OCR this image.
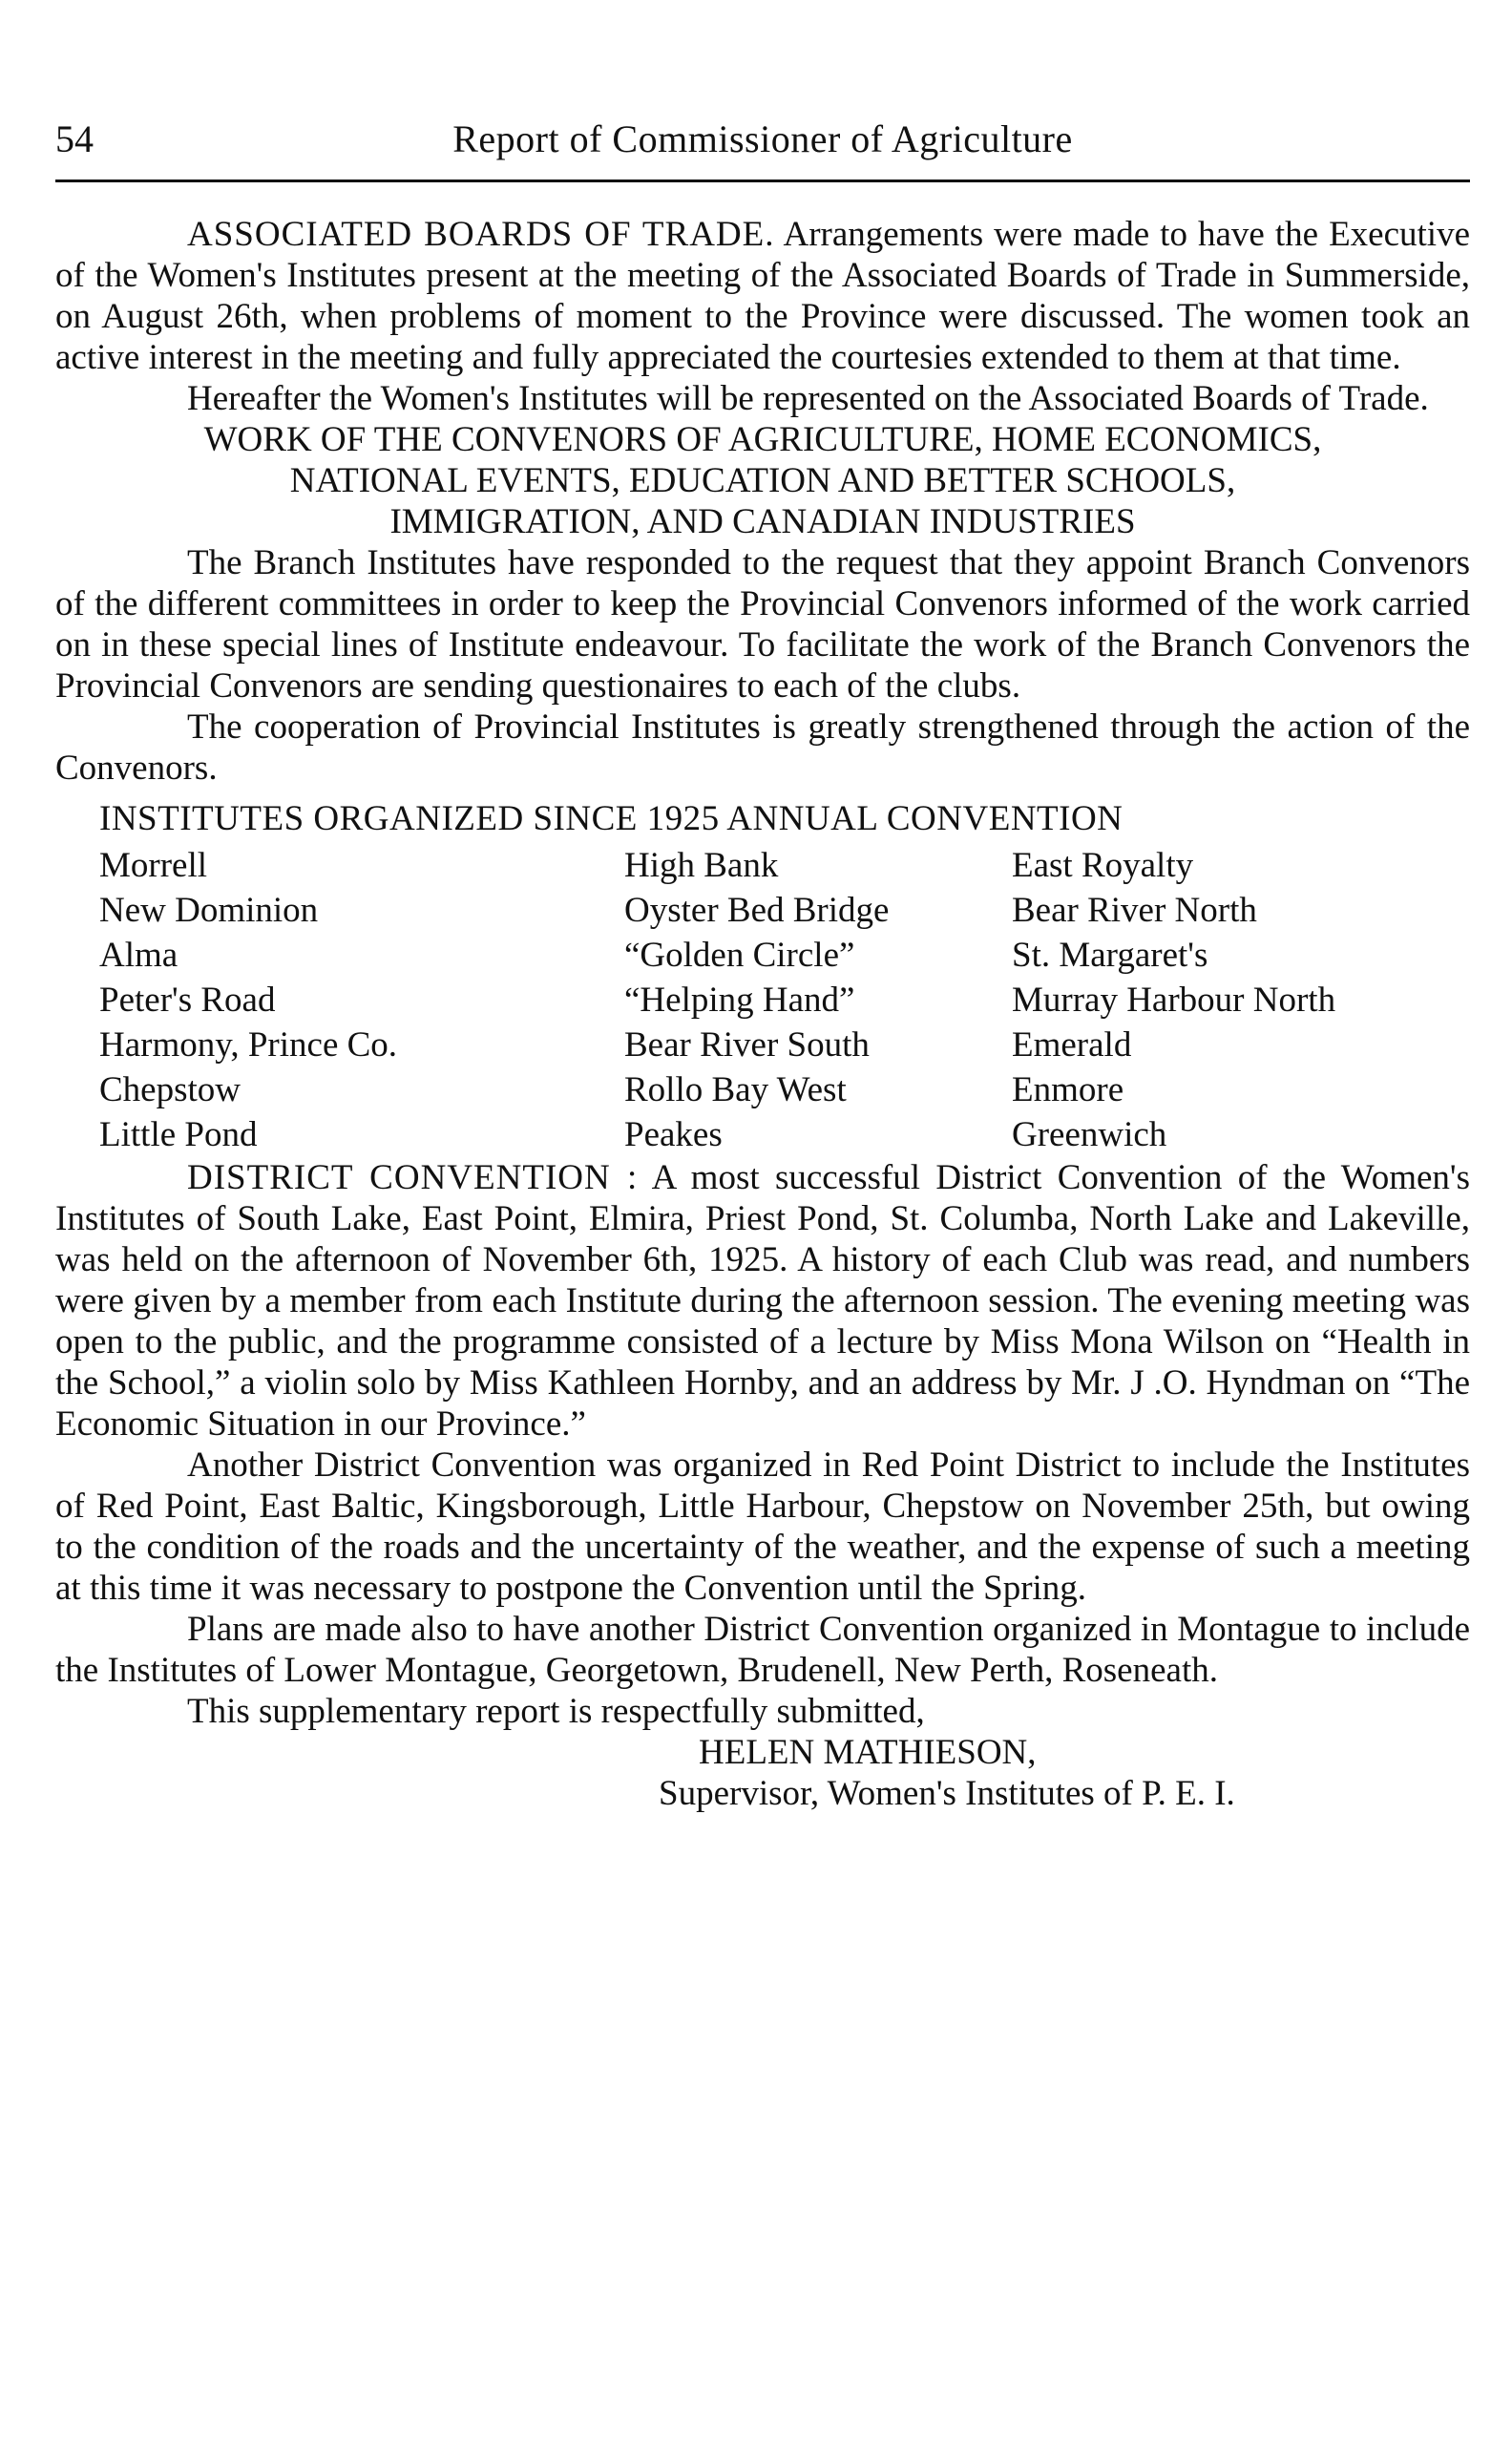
54	Report of Commissioner of Agriculture

ASSOCIATED BOARDS OF TRADE. Arrangements were made to have the Executive of the Women's Institutes present at the meeting of the Associated Boards of Trade in Summerside, on August 26th, when problems of moment to the Province were discussed. The women took an active interest in the meeting and fully appreciated the courtesies extended to them at that time.

Hereafter the Women's Institutes will be represented on the Associated Boards of Trade.

WORK OF THE CONVENORS OF AGRICULTURE, HOME ECONOMICS,
NATIONAL EVENTS, EDUCATION AND BETTER SCHOOLS,
IMMIGRATION, AND CANADIAN INDUSTRIES

The Branch Institutes have responded to the request that they appoint Branch Convenors of the different committees in order to keep the Provincial Convenors informed of the work carried on in these special lines of Institute endeavour. To facilitate the work of the Branch Convenors the Provincial Convenors are sending questionaires to each of the clubs.

The cooperation of Provincial Institutes is greatly strengthened through the action of the Convenors.

INSTITUTES ORGANIZED SINCE 1925 ANNUAL CONVENTION
Morrell	High Bank	East Royalty
New Dominion	Oyster Bed Bridge	Bear River North
Alma	“Golden Circle”	St. Margaret's
Peter's Road	“Helping Hand”	Murray Harbour North
Harmony, Prince Co.	Bear River South	Emerald
Chepstow	Rollo Bay West	Enmore
Little Pond	Peakes	Greenwich

DISTRICT CONVENTION : A most successful District Convention of the Women's Institutes of South Lake, East Point, Elmira, Priest Pond, St. Columba, North Lake and Lakeville, was held on the afternoon of November 6th, 1925. A history of each Club was read, and numbers were given by a member from each Institute during the afternoon session. The evening meeting was open to the public, and the programme consisted of a lecture by Miss Mona Wilson on “Health in the School,” a violin solo by Miss Kathleen Hornby, and an address by Mr. J .O. Hyndman on “The Economic Situation in our Province.”

Another District Convention was organized in Red Point District to include the Institutes of Red Point, East Baltic, Kingsborough, Little Harbour, Chepstow on November 25th, but owing to the condition of the roads and the uncertainty of the weather, and the expense of such a meeting at this time it was necessary to postpone the Convention until the Spring.

Plans are made also to have another District Convention organized in Montague to include the Institutes of Lower Montague, Georgetown, Brudenell, New Perth, Roseneath.

This supplementary report is respectfully submitted,

HELEN MATHIESON,
Supervisor, Women's Institutes of P. E. I.
